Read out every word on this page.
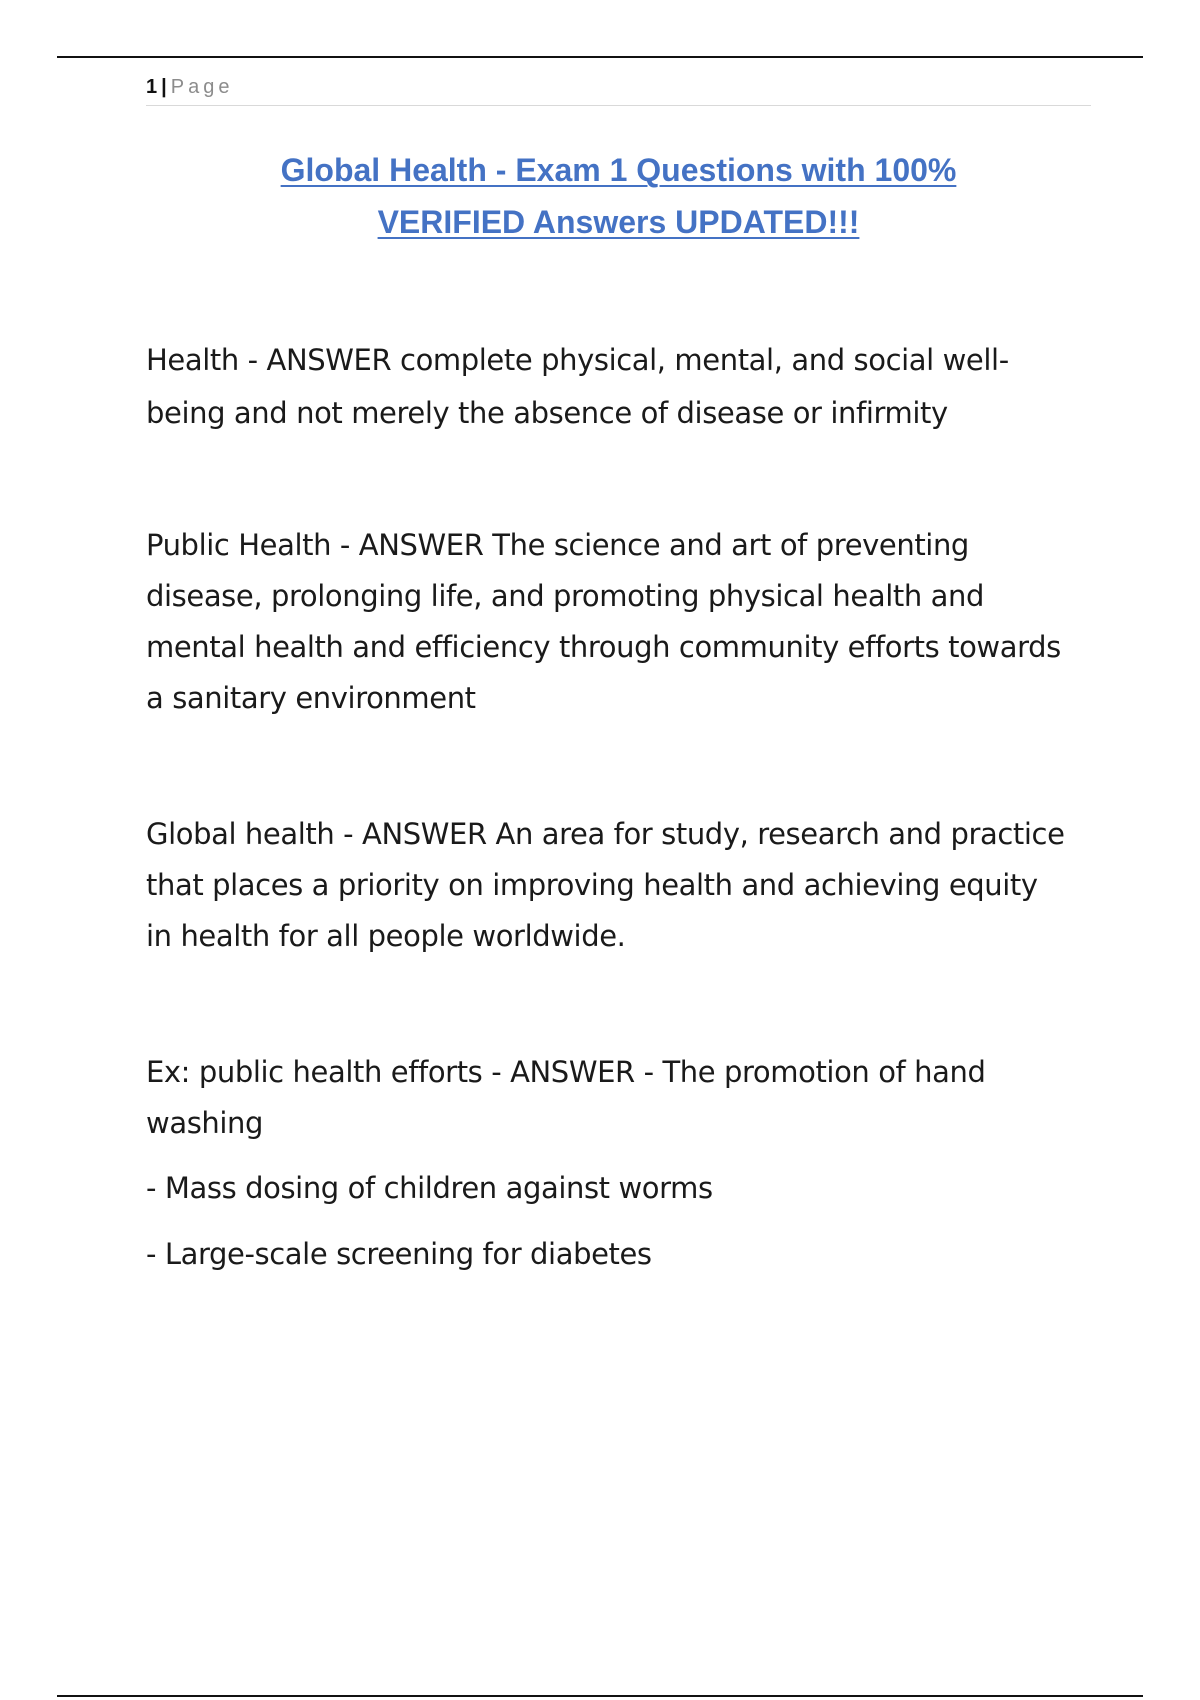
1 | Page
Global Health - Exam 1 Questions with 100%
VERIFIED Answers UPDATED!!!

Health - ANSWER complete physical, mental, and social well-being and not merely the absence of disease or infirmity

Public Health - ANSWER The science and art of preventing disease, prolonging life, and promoting physical health and mental health and efficiency through community efforts towards a sanitary environment

Global health - ANSWER An area for study, research and practice that places a priority on improving health and achieving equity in health for all people worldwide.

Ex: public health efforts - ANSWER - The promotion of hand washing

- Mass dosing of children against worms

- Large-scale screening for diabetes
